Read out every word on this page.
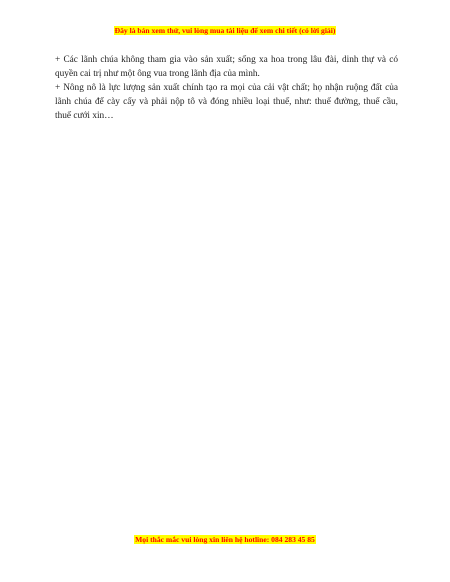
Đây là bản xem thử, vui lòng mua tài liệu để xem chi tiết (có lời giải)

+ Các lãnh chúa không tham gia vào sản xuất; sống xa hoa trong lâu đài, dinh thự và có quyền cai trị như một ông vua trong lãnh địa của mình.

+ Nông nô là lực lượng sản xuất chính tạo ra mọi của cải vật chất; họ nhận ruộng đất của lãnh chúa để cày cấy và phải nộp tô và đóng nhiều loại thuế, như: thuế đường, thuế cầu, thuế cưới xin…

Mọi thắc mắc vui lòng xin liên hệ hotline: 084 283 45 85
